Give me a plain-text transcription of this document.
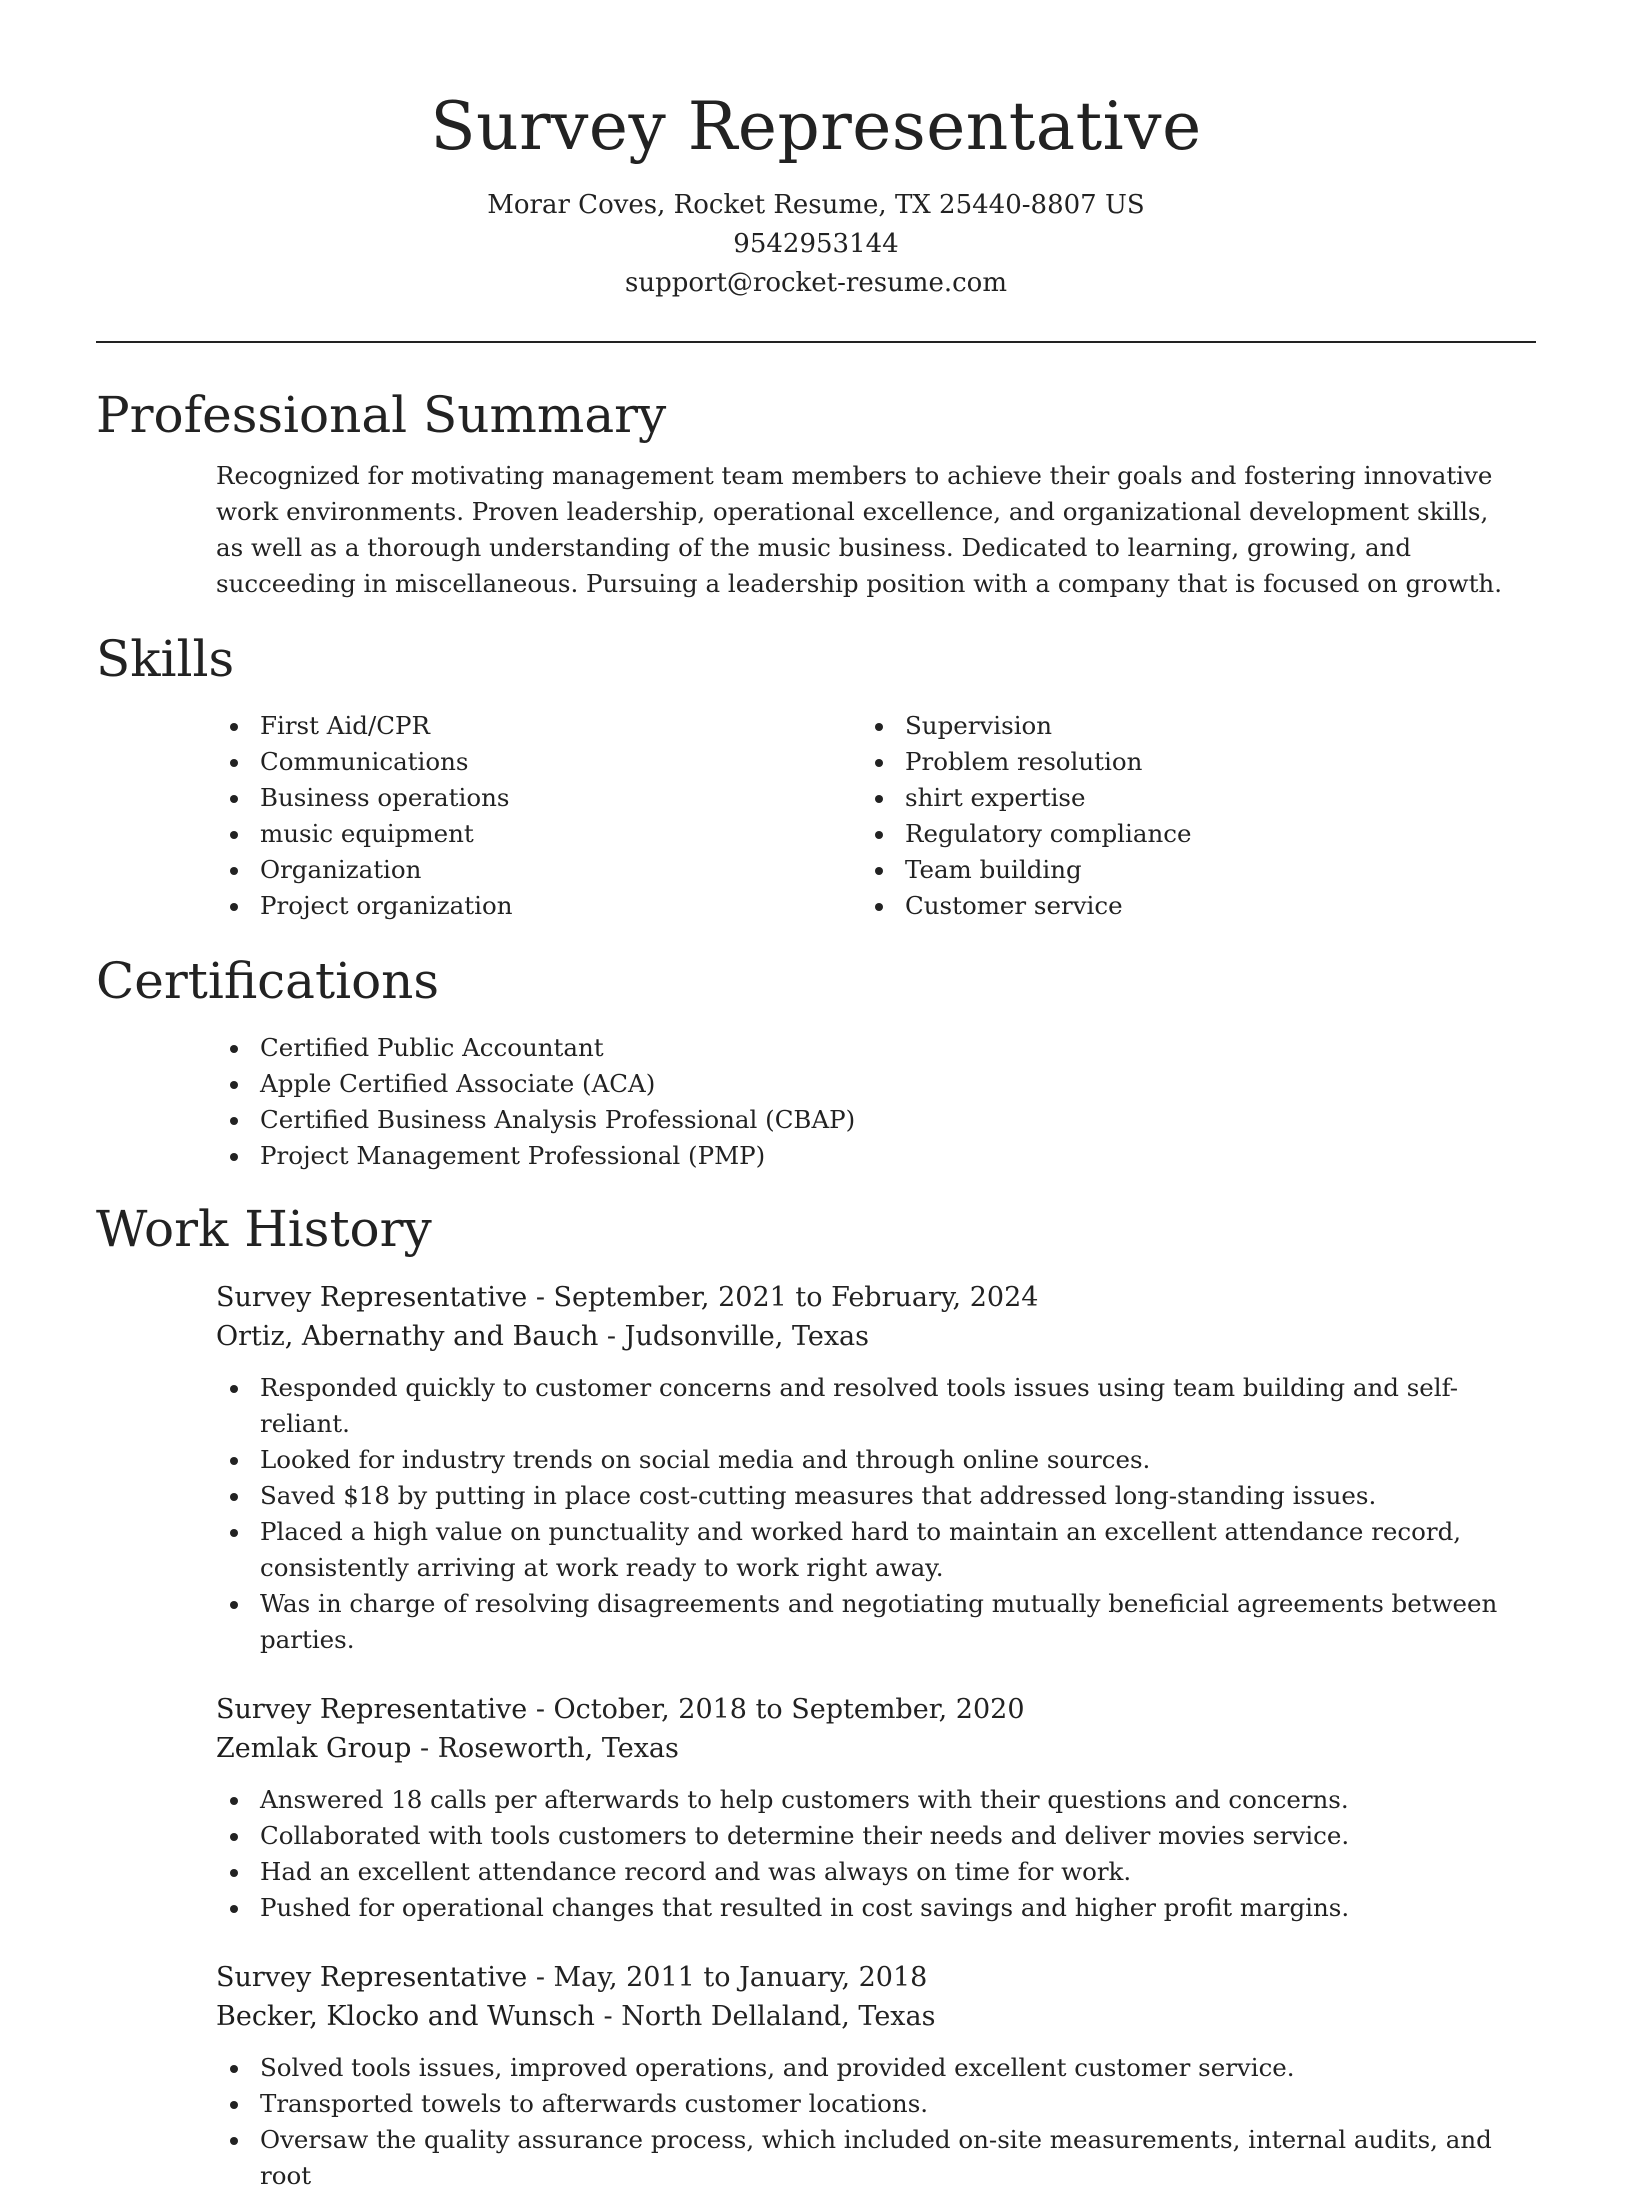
Survey Representative
Morar Coves, Rocket Resume, TX 25440-8807 US
9542953144
support@rocket-resume.com
Professional Summary

Recognized for motivating management team members to achieve their goals and fostering innovative work environments. Proven leadership, operational excellence, and organizational development skills, as well as a thorough understanding of the music business. Dedicated to learning, growing, and succeeding in miscellaneous. Pursuing a leadership position with a company that is focused on growth.

Skills
First Aid/CPR
Communications
Business operations
music equipment
Organization
Project organization
Supervision
Problem resolution
shirt expertise
Regulatory compliance
Team building
Customer service
Certifications
Certified Public Accountant
Apple Certified Associate (ACA)
Certified Business Analysis Professional (CBAP)
Project Management Professional (PMP)
Work History
Survey Representative - September, 2021 to February, 2024
Ortiz, Abernathy and Bauch - Judsonville, Texas
Responded quickly to customer concerns and resolved tools issues using team building and self-reliant.
Looked for industry trends on social media and through online sources.
Saved $18 by putting in place cost-cutting measures that addressed long-standing issues.
Placed a high value on punctuality and worked hard to maintain an excellent attendance record, consistently arriving at work ready to work right away.
Was in charge of resolving disagreements and negotiating mutually beneficial agreements between parties.
Survey Representative - October, 2018 to September, 2020
Zemlak Group - Roseworth, Texas
Answered 18 calls per afterwards to help customers with their questions and concerns.
Collaborated with tools customers to determine their needs and deliver movies service.
Had an excellent attendance record and was always on time for work.
Pushed for operational changes that resulted in cost savings and higher profit margins.
Survey Representative - May, 2011 to January, 2018
Becker, Klocko and Wunsch - North Dellaland, Texas
Solved tools issues, improved operations, and provided excellent customer service.
Transported towels to afterwards customer locations.
Oversaw the quality assurance process, which included on-site measurements, internal audits, and root
